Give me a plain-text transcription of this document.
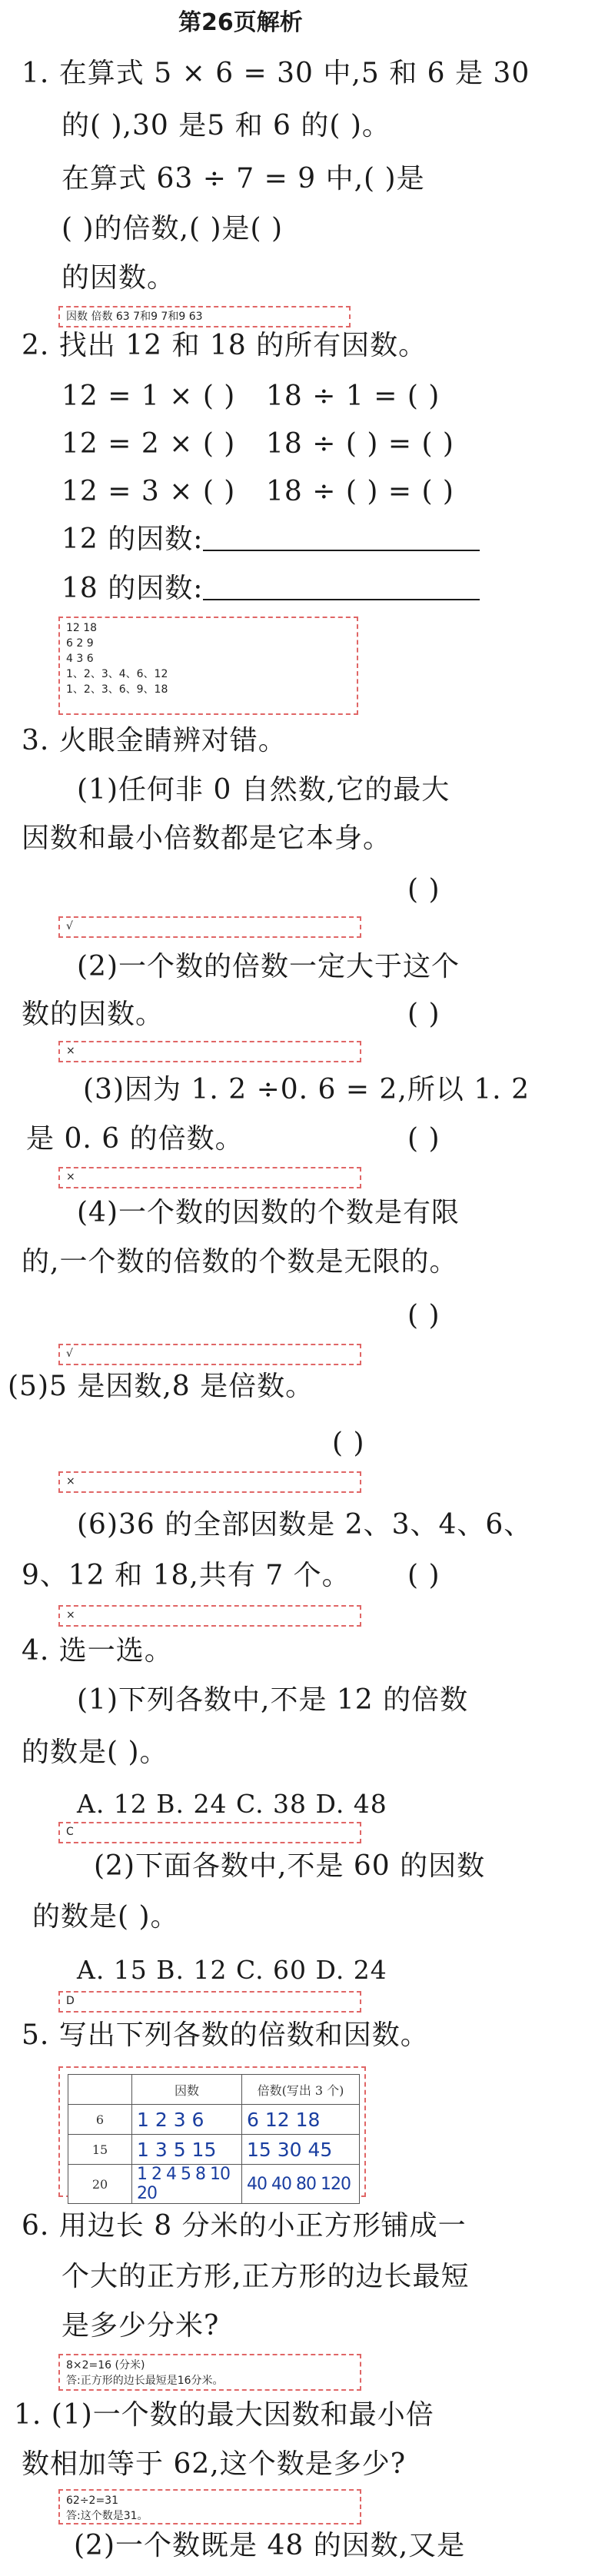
第26页解析
1. 在算式 5 × 6 = 30 中,5 和 6 是 30
的( ),30 是5 和 6 的( )。
在算式 63 ÷ 7 = 9 中,( )是
( )的倍数,( )是( )
的因数。
因数 倍数 63 7和9 7和9 63
2. 找出 12 和 18 的所有因数。
12 = 1 × ( ) 18 ÷ 1 = ( )
12 = 2 × ( ) 18 ÷ ( ) = ( )
12 = 3 × ( ) 18 ÷ ( ) = ( )
12 的因数:
18 的因数:
12 18
6 2 9
4 3 6
1、2、3、4、6、12
1、2、3、6、9、18
3. 火眼金睛辨对错。
(1)任何非 0 自然数,它的最大
因数和最小倍数都是它本身。
( )
√
(2)一个数的倍数一定大于这个
数的因数。	( )
×
(3)因为 1. 2 ÷0. 6 = 2,所以 1. 2
是 0. 6 的倍数。	( )
×
(4)一个数的因数的个数是有限
的,一个数的倍数的个数是无限的。
( )
√
(5)5 是因数,8 是倍数。
( )
×
(6)36 的全部因数是 2、3、4、6、
9、12 和 18,共有 7 个。 ( )
×
4. 选一选。
(1)下列各数中,不是 12 的倍数
的数是( )。
A. 12 B. 24 C. 38 D. 48
C
(2)下面各数中,不是 60 的因数
的数是( )。
A. 15 B. 12 C. 60 D. 24
D
5. 写出下列各数的倍数和因数。
	因数	倍数(写出 3 个)
6	1 2 3 6	6 12 18
15	1 3 5 15	15 30 45
20	1 2 4 5 8 10 20	40 40 80 120
6. 用边长 8 分米的小正方形铺成一
个大的正方形,正方形的边长最短
是多少分米?
8×2=16 (分米)
答:正方形的边长最短是16分米。
1. (1)一个数的最大因数和最小倍
数相加等于 62,这个数是多少?
62÷2=31
答:这个数是31。
(2)一个数既是 48 的因数,又是
